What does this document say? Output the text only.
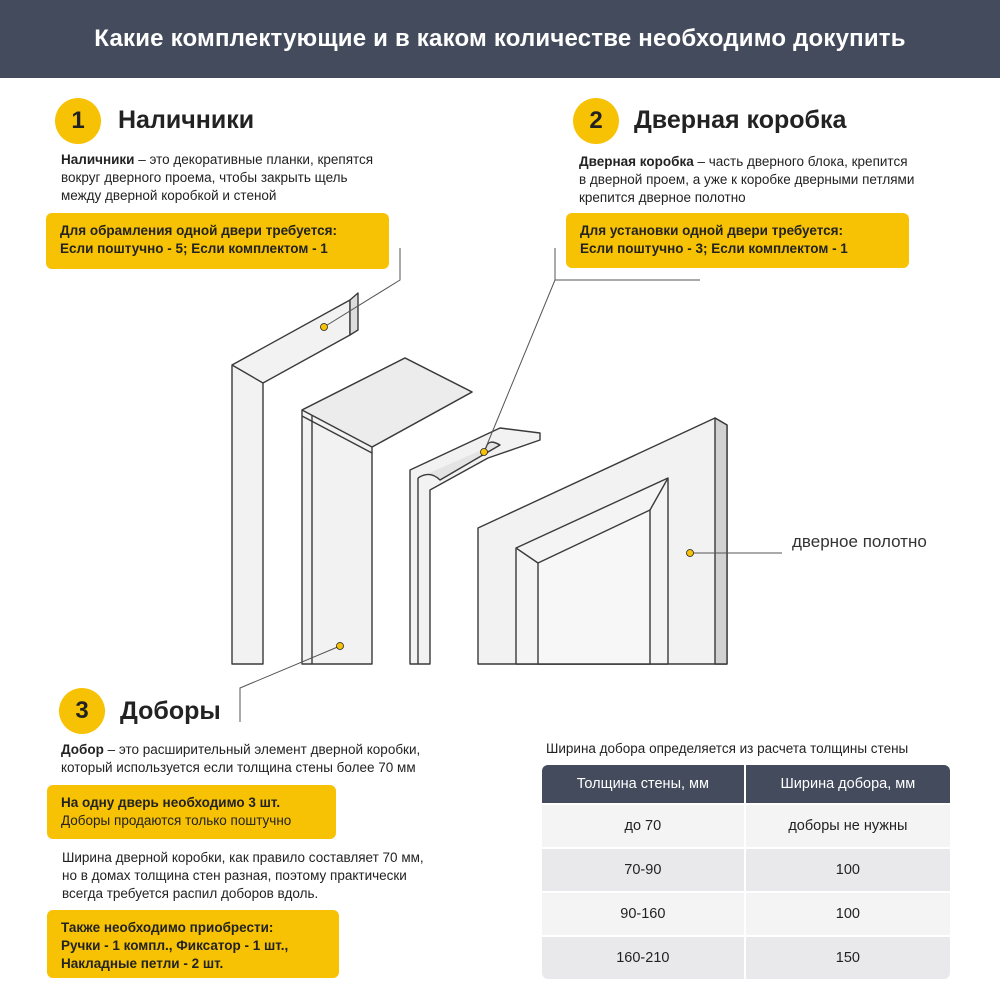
Какие комплектующие и в каком количестве необходимо докупить
1	Наличники
Наличники – это декоративные планки, крепятся
вокруг дверного проема, чтобы закрыть щель
между дверной коробкой и стеной
Для обрамления одной двери требуется:
Если поштучно - 5; Если комплектом - 1
2	Дверная коробка
Дверная коробка – часть дверного блока, крепится
в дверной проем, а уже к коробке дверными петлями
крепится дверное полотно
Для установки одной двери требуется:
Если поштучно - 3; Если комплектом - 1
дверное полотно
3	Доборы
Добор – это расширительный элемент дверной коробки,
который используется если толщина стены более 70 мм
На одну дверь необходимо 3 шт.
Доборы продаются только поштучно
Ширина дверной коробки, как правило составляет 70 мм,
но в домах толщина стен разная, поэтому практически
всегда требуется распил доборов вдоль.
Также необходимо приобрести:
Ручки - 1 компл., Фиксатор - 1 шт.,
Накладные петли - 2 шт.
Ширина добора определяется из расчета толщины стены
Толщина стены, мм	Ширина добора, мм
до 70	доборы не нужны
70-90	100
90-160	100
160-210	150
